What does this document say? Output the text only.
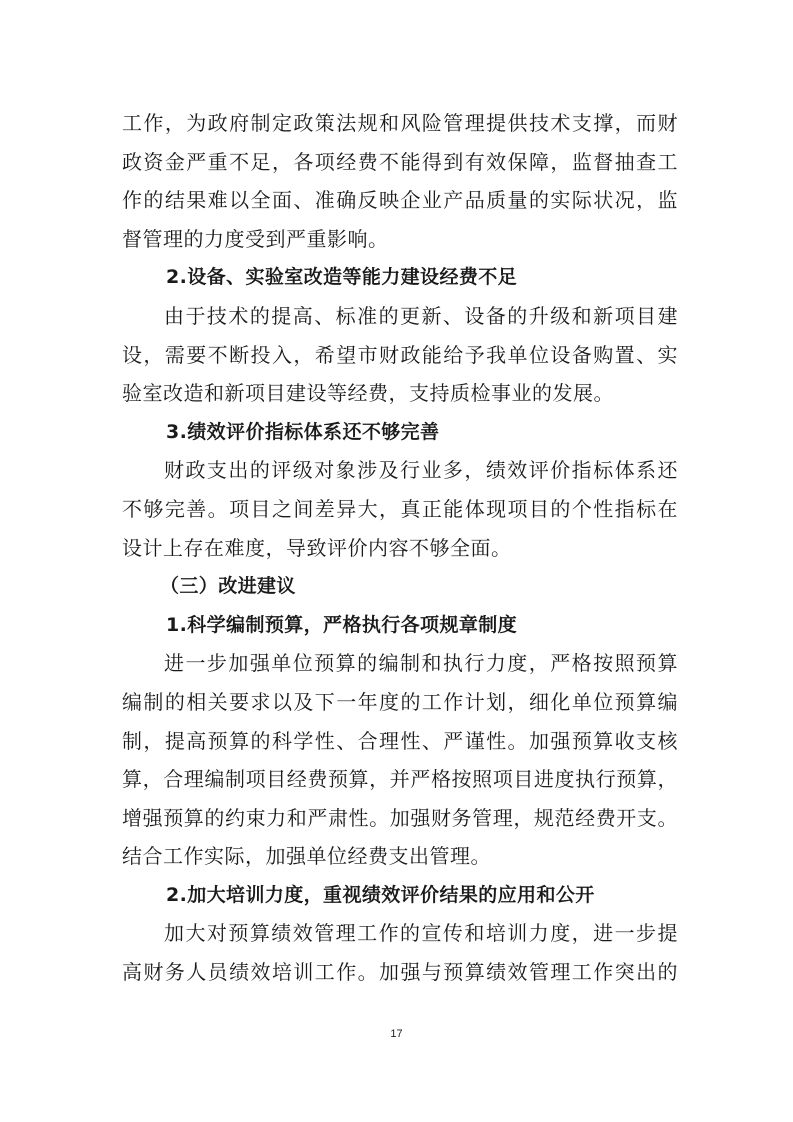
工作，为政府制定政策法规和风险管理提供技术支撑，而财
政资金严重不足，各项经费不能得到有效保障，监督抽查工
作的结果难以全面、准确反映企业产品质量的实际状况，监
督管理的力度受到严重影响。
2.设备、实验室改造等能力建设经费不足
由于技术的提高、标准的更新、设备的升级和新项目建
设，需要不断投入，希望市财政能给予我单位设备购置、实
验室改造和新项目建设等经费，支持质检事业的发展。
3.绩效评价指标体系还不够完善
财政支出的评级对象涉及行业多，绩效评价指标体系还
不够完善。项目之间差异大，真正能体现项目的个性指标在
设计上存在难度，导致评价内容不够全面。
（三）改进建议
1.科学编制预算，严格执行各项规章制度
进一步加强单位预算的编制和执行力度，严格按照预算
编制的相关要求以及下一年度的工作计划，细化单位预算编
制，提高预算的科学性、合理性、严谨性。加强预算收支核
算，合理编制项目经费预算，并严格按照项目进度执行预算，
增强预算的约束力和严肃性。加强财务管理，规范经费开支。
结合工作实际，加强单位经费支出管理。
2.加大培训力度，重视绩效评价结果的应用和公开
加大对预算绩效管理工作的宣传和培训力度，进一步提
高财务人员绩效培训工作。加强与预算绩效管理工作突出的
17
